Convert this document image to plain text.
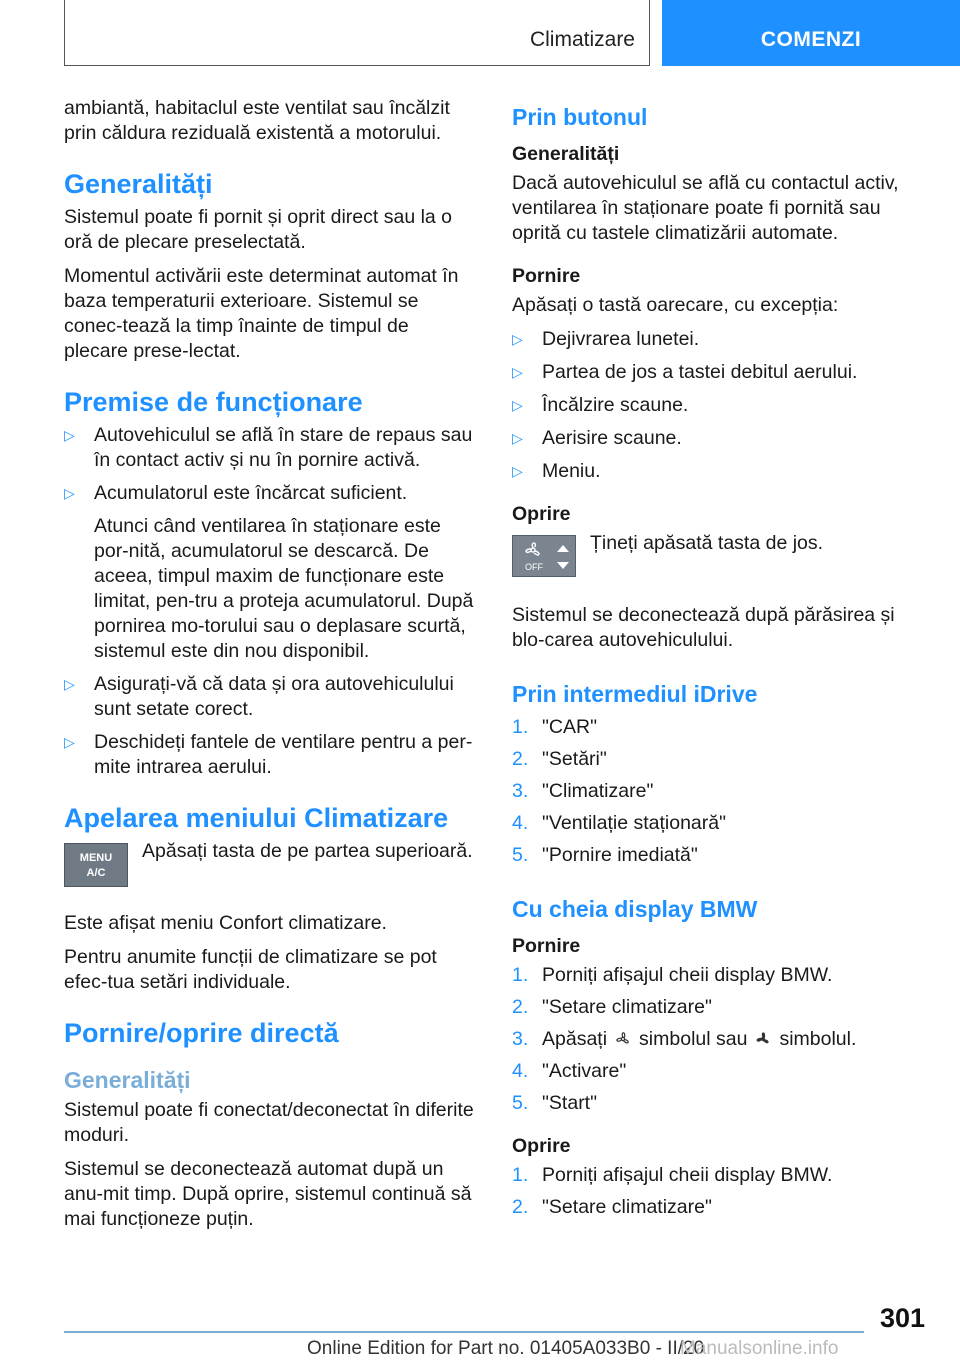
Climatizare	COMENZI

ambiantă, habitaclul este ventilat sau încălzit prin căldura reziduală existentă a motorului.

Generalități

Sistemul poate fi pornit și oprit direct sau la o oră de plecare preselectată.

Momentul activării este determinat automat în baza temperaturii exterioare. Sistemul se conec-tează la timp înainte de timpul de plecare prese-lectat.

Premise de funcționare
▷ Autovehiculul se află în stare de repaus sau în contact activ și nu în pornire activă.
▷ Acumulatorul este încărcat suficient.
Atunci când ventilarea în staționare este por-nită, acumulatorul se descarcă. De aceea, timpul maxim de funcționare este limitat, pen-tru a proteja acumulatorul. După pornirea mo-torului sau o deplasare scurtă, sistemul este din nou disponibil.
▷ Asigurați-vă că data și ora autovehiculului sunt setate corect.
▷ Deschideți fantele de ventilare pentru a per-mite intrarea aerului.
Apelarea meniului Climatizare
MENU
A/C
Apăsați tasta de pe partea superioară.

Este afișat meniu Confort climatizare.

Pentru anumite funcții de climatizare se pot efec-tua setări individuale.

Pornire/oprire directă
Generalități

Sistemul poate fi conectat/deconectat în diferite moduri.

Sistemul se deconectează automat după un anu-mit timp. După oprire, sistemul continuă să mai funcționeze puțin.

Prin butonul
Generalități

Dacă autovehiculul se află cu contactul activ, ventilarea în staționare poate fi pornită sau oprită cu tastele climatizării automate.

Pornire

Apăsați o tastă oarecare, cu excepția:

▷ Dejivrarea lunetei.
▷ Partea de jos a tastei debitul aerului.
▷ Încălzire scaune.
▷ Aerisire scaune.
▷ Meniu.
Oprire
OFF
Țineți apăsată tasta de jos.

Sistemul se deconectează după părăsirea și blo-carea autovehiculului.

Prin intermediul iDrive
1. "CAR"
2. "Setări"
3. "Climatizare"
4. "Ventilație staționară"
5. "Pornire imediată"
Cu cheia display BMW
Pornire
1. Porniți afișajul cheii display BMW.
2. "Setare climatizare"
3. Apăsați simbolul sau simbolul.
4. "Activare"
5. "Start"
Oprire
1. Porniți afișajul cheii display BMW.
2. "Setare climatizare"
301
Online Edition for Part no. 01405A033B0 - II/20
Manualsonline.info
